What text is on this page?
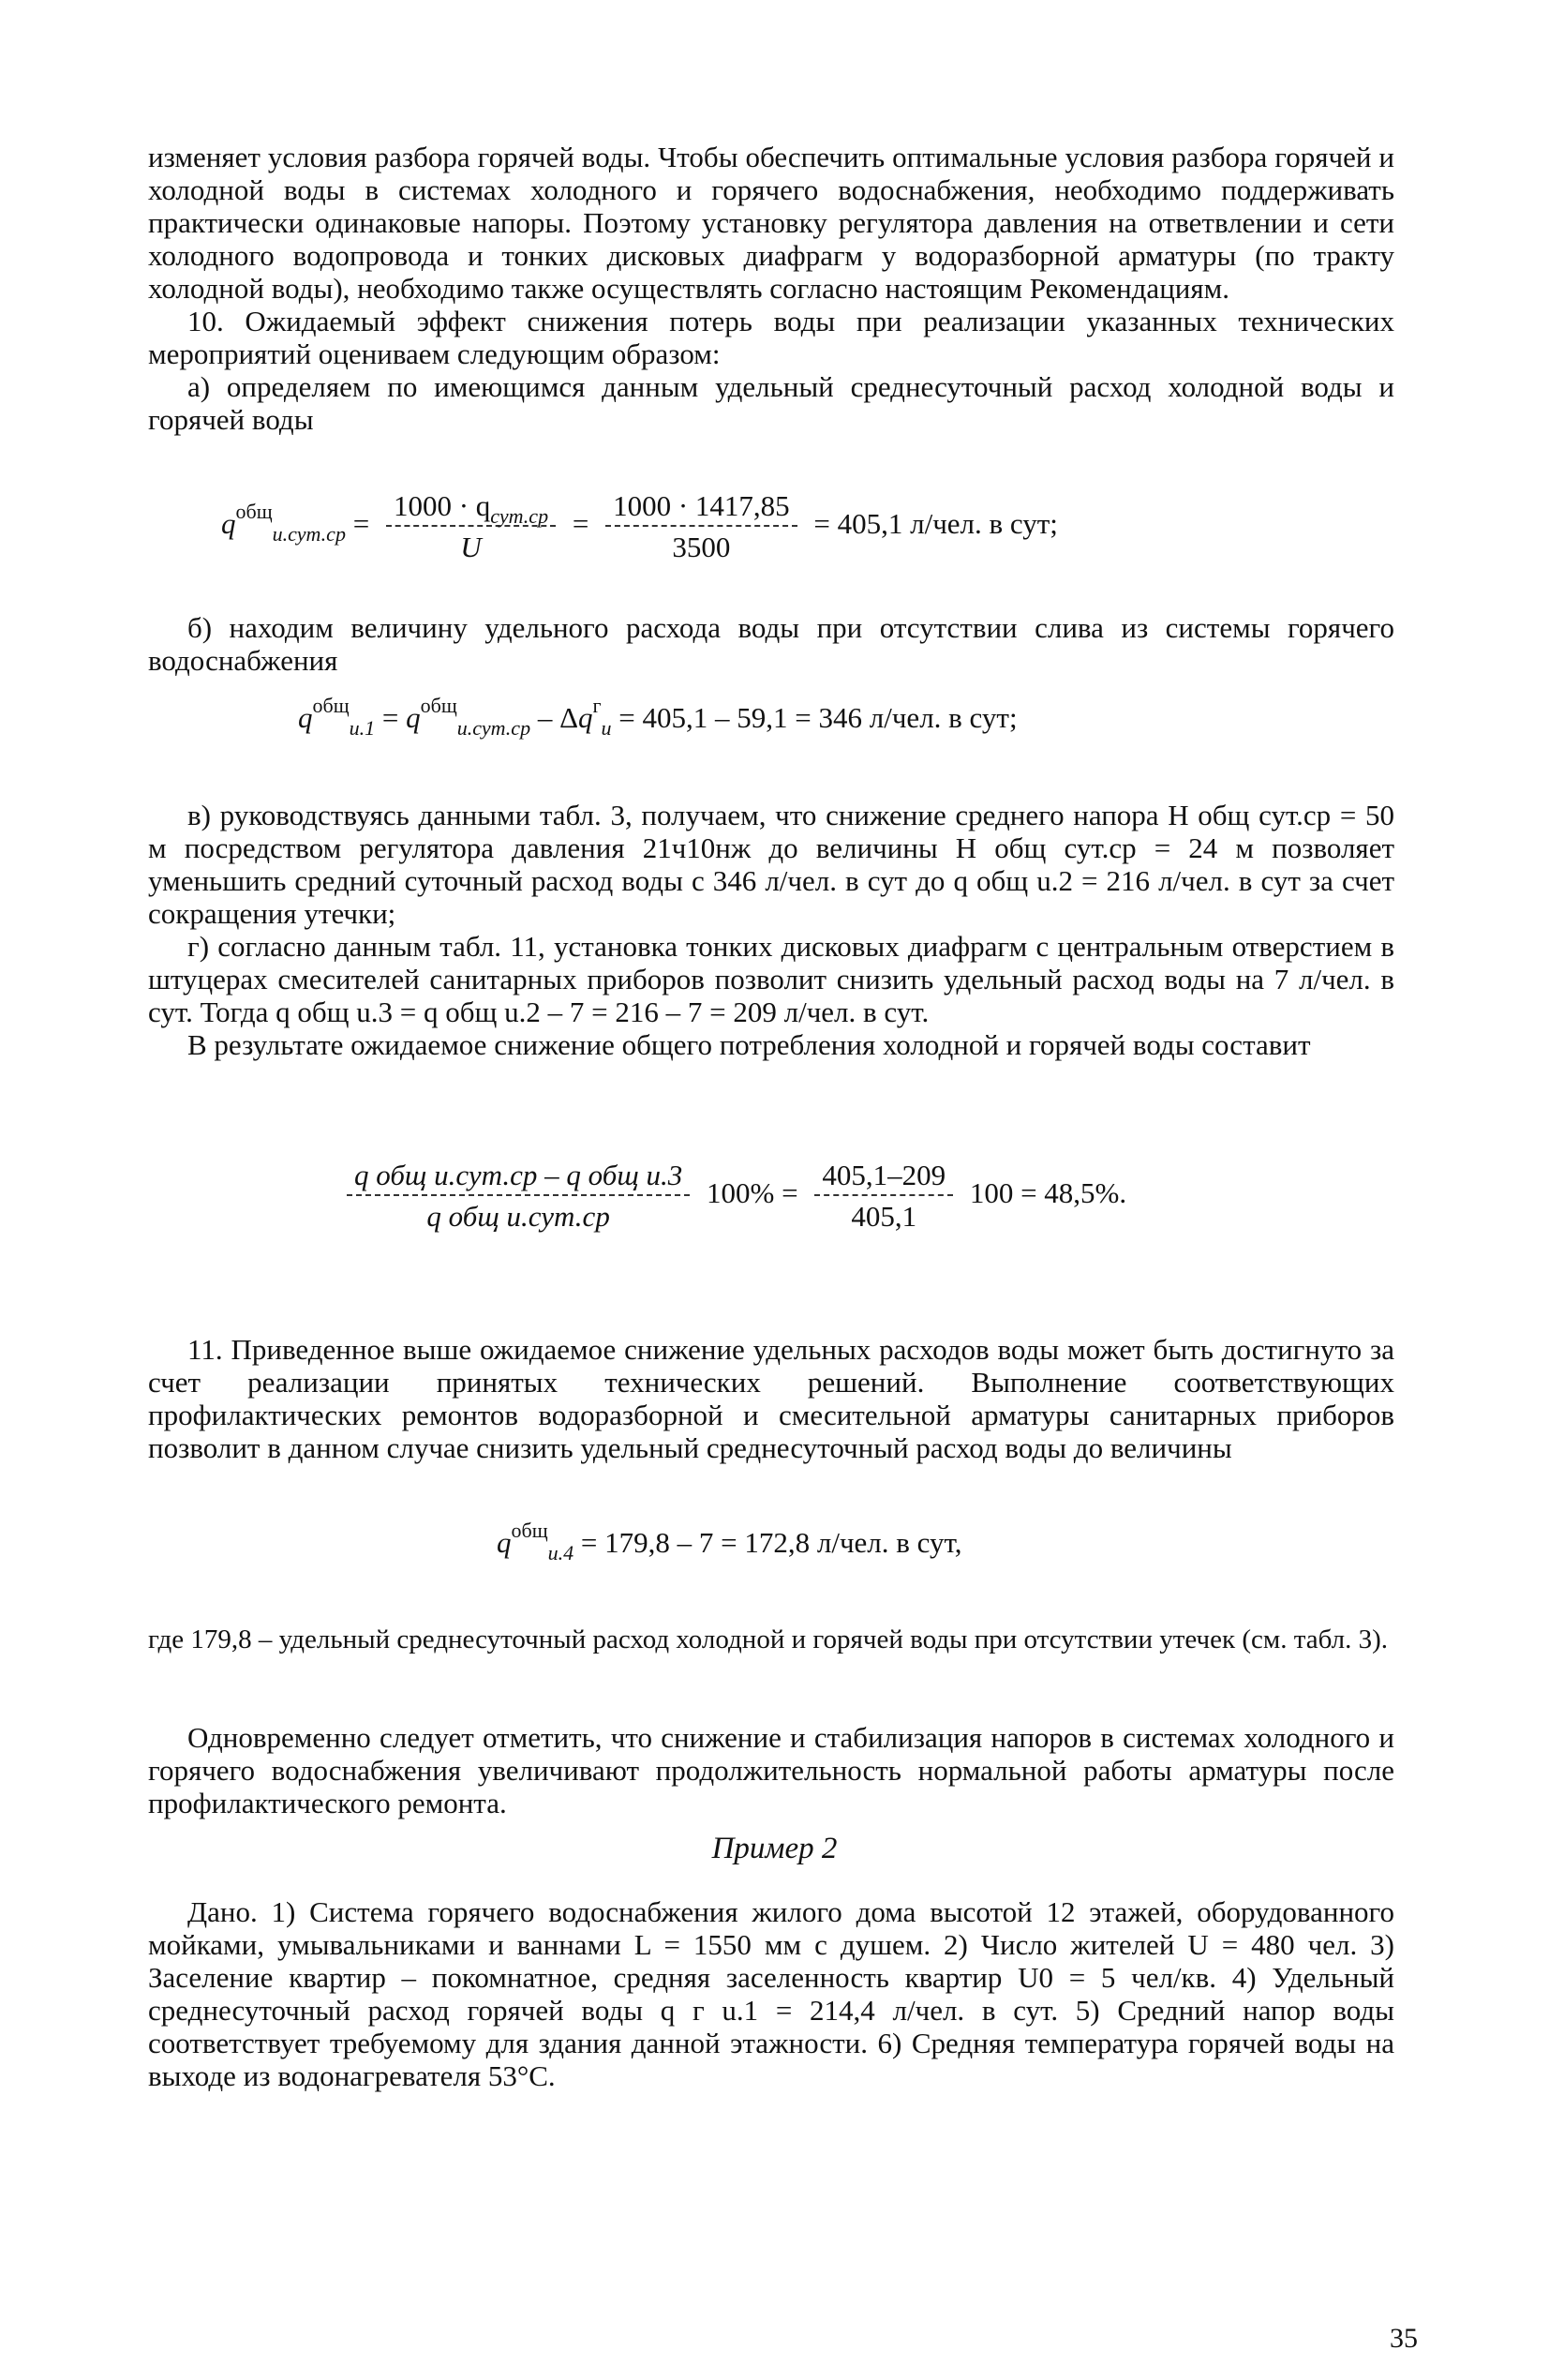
изменяет условия разбора горячей воды. Чтобы обеспечить оптимальные условия разбора горячей и холодной воды в системах холодного и горячего водоснабжения, необходимо поддерживать практически одинаковые напоры. Поэтому установку регулятора давления на ответвлении и сети холодного водопровода и тонких дисковых диафрагм у водоразборной арматуры (по тракту холодной воды), необходимо также осуществлять согласно настоящим Рекомендациям.

10. Ожидаемый эффект снижения потерь воды при реализации указанных технических мероприятий оцениваем следующим образом:

а) определяем по имеющимся данным удельный среднесуточный расход холодной воды и горячей воды

$q^{общ}_{u.сут.ср} = \frac{1000 \cdot q_{сут.ср}}{U} = \frac{1000 \cdot 1417,85}{3500} = 405,1$ л/чел. в сут;

б) находим величину удельного расхода воды при отсутствии слива из системы горячего водоснабжения

$q^{общ}_{u.1} = q^{общ}_{u.сут.ср} - \Delta q^г_u = 405,1 - 59,1 = 346$ л/чел. в сут;

в) руководствуясь данными табл. 3, получаем, что снижение среднего напора H общ сут.ср = 50 м посредством регулятора давления 21ч10нж до величины H общ сут.ср = 24 м позволяет уменьшить средний суточный расход воды с 346 л/чел. в сут до q общ u.2 = 216 л/чел. в сут за счет сокращения утечки;

г) согласно данным табл. 11, установка тонких дисковых диафрагм с центральным отверстием в штуцерах смесителей санитарных приборов позволит снизить удельный расход воды на 7 л/чел. в сут. Тогда q общ u.3 = q общ u.2 – 7 = 216 – 7 = 209 л/чел. в сут.

В результате ожидаемое снижение общего потребления холодной и горячей воды составит

$\frac{\text{q общ u.сут.ср – q общ u.3}}{\text{q общ u.сут.ср}} 100\% = \frac{405,1-209}{405,1} 100 = 48,5\%$.

11. Приведенное выше ожидаемое снижение удельных расходов воды может быть достигнуто за счет реализации принятых технических решений. Выполнение соответствующих профилактических ремонтов водоразборной и смесительной арматуры санитарных приборов позволит в данном случае снизить удельный среднесуточный расход воды до величины

$q^{общ}_{u.4} = 179,8 - 7 = 172,8$ л/чел. в сут,

где 179,8 – удельный среднесуточный расход холодной и горячей воды при отсутствии утечек (см. табл. 3).

Одновременно следует отметить, что снижение и стабилизация напоров в системах холодного и горячего водоснабжения увеличивают продолжительность нормальной работы арматуры после профилактического ремонта.

Пример 2

Дано. 1) Система горячего водоснабжения жилого дома высотой 12 этажей, оборудованного мойками, умывальниками и ваннами L = 1550 мм с душем. 2) Число жителей U = 480 чел. 3) Заселение квартир – покомнатное, средняя заселенность квартир U0 = 5 чел/кв. 4) Удельный среднесуточный расход горячей воды q г u.1 = 214,4 л/чел. в сут. 5) Средний напор воды соответствует требуемому для здания данной этажности. 6) Средняя температура горячей воды на выходе из водонагревателя 53°С.

35
